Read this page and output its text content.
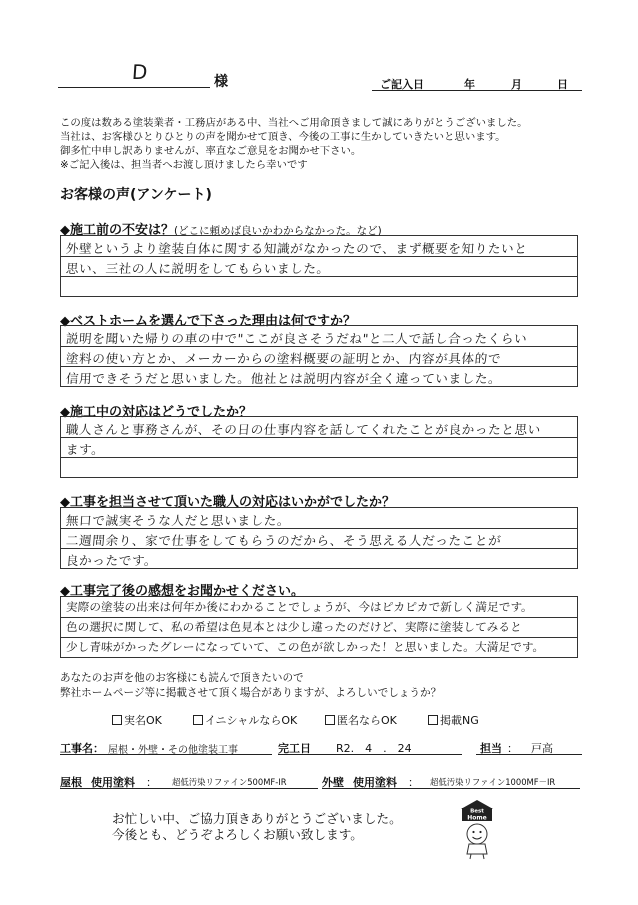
D	様	ご記入日	年	月	日
この度は数ある塗装業者・工務店がある中、当社へご用命頂きまして誠にありがとうございました。
当社は、お客様ひとりひとりの声を聞かせて頂き、今後の工事に生かしていきたいと思います。
御多忙中申し訳ありませんが、率直なご意見をお聞かせ下さい。
※ご記入後は、担当者へお渡し頂けましたら幸いです
お客様の声(アンケート)
◆施工前の不安は？(どこに頼めば良いかわからなかった。など)
外壁というより塗装自体に関する知識がなかったので、まず概要を知りたいと
思い、三社の人に説明をしてもらいました。
◆ベストホームを選んで下さった理由は何ですか？
説明を聞いた帰りの車の中で"ここが良さそうだね"と二人で話し合ったくらい
塗料の使い方とか、メーカーからの塗料概要の証明とか、内容が具体的で
信用できそうだと思いました。他社とは説明内容が全く違っていました。
◆施工中の対応はどうでしたか？
職人さんと事務さんが、その日の仕事内容を話してくれたことが良かったと思い
ます。
◆工事を担当させて頂いた職人の対応はいかがでしたか？
無口で誠実そうな人だと思いました。
二週間余り、家で仕事をしてもらうのだから、そう思える人だったことが
良かったです。
◆工事完了後の感想をお聞かせください。
実際の塗装の出来は何年か後にわかることでしょうが、今はピカピカで新しく満足です。
色の選択に関して、私の希望は色見本とは少し違ったのだけど、実際に塗装してみると
少し青味がかったグレーになっていて、この色が欲しかった！と思いました。大満足です。
あなたのお声を他のお客様にも読んで頂きたいので
弊社ホームページ等に掲載させて頂く場合がありますが、よろしいでしょうか？
実名OK	イニシャルならOK	匿名ならOK	掲載NG
工事名： 屋根・外壁・その他塗装工事	完工日 R2.　4　.　24	担当 ： 戸高
屋根 使用塗料 ： 超低汚染リファイン500MF-IR	外壁 使用塗料 ： 超低汚染リファイン1000MF－IR
お忙しい中、ご協力頂きありがとうございました。
今後とも、どうぞよろしくお願い致します。
Best
Home
